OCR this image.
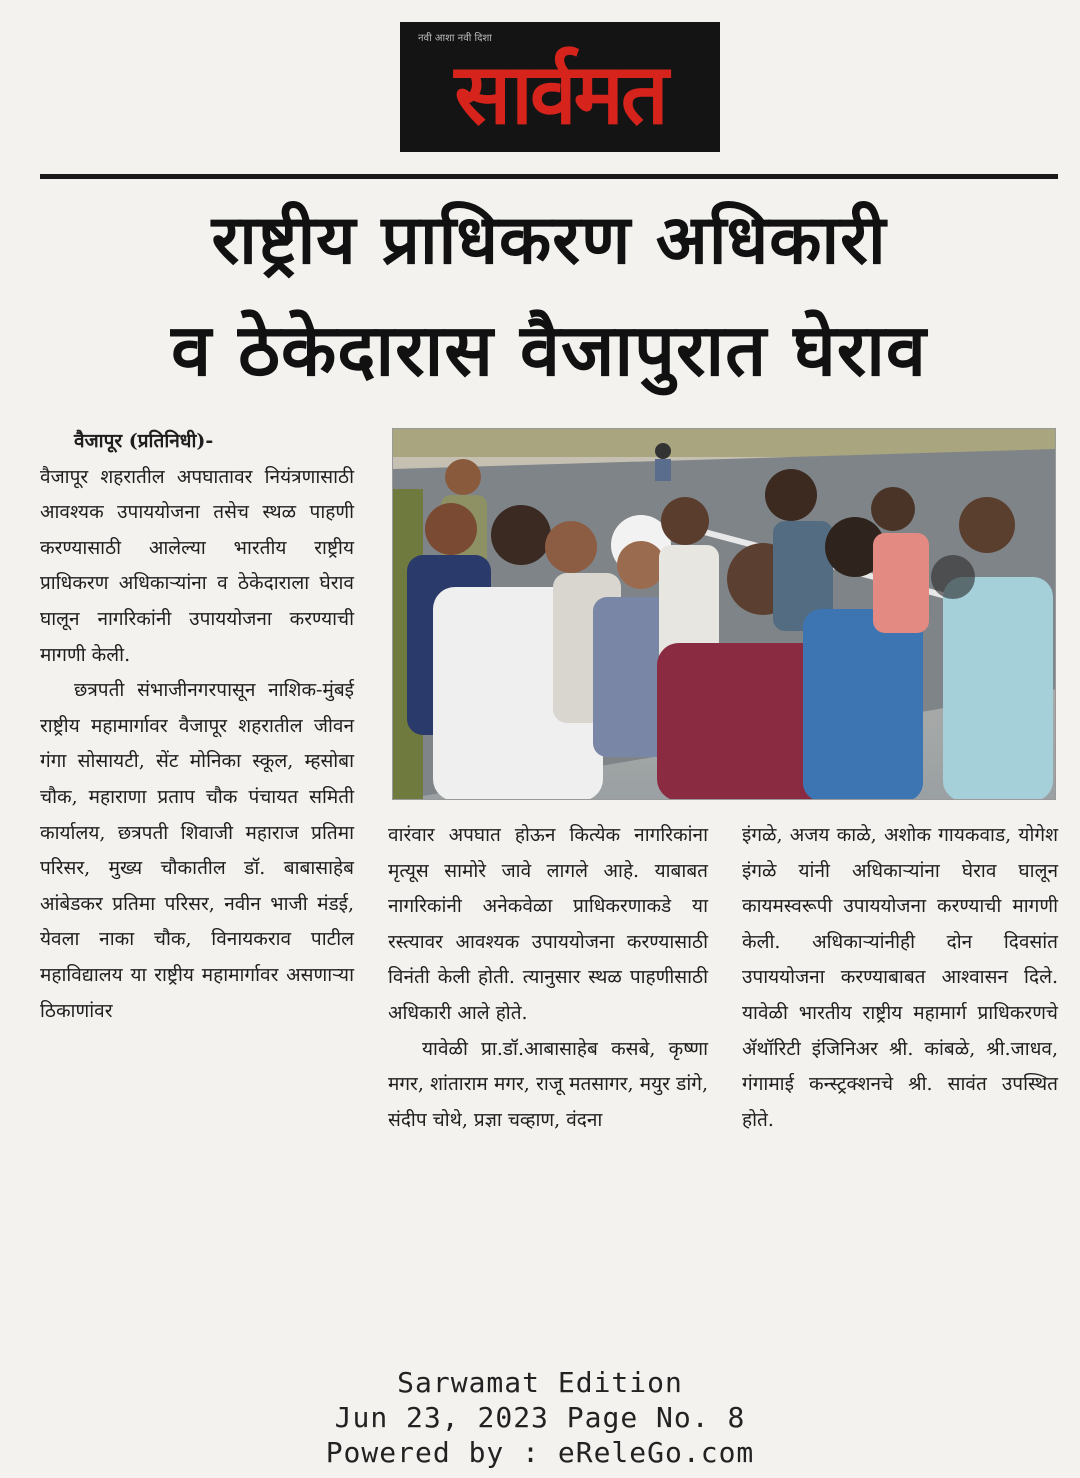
नवी आशा नवी दिशा
सार्वमत
राष्ट्रीय प्राधिकरण अधिकारी
व ठेकेदारास वैजापुरात घेराव

वैजापूर (प्रतिनिधी)-

वैजापूर शहरातील अपघातावर नियंत्रणासाठी आवश्यक उपाययोजना तसेच स्थळ पाहणी करण्यासाठी आलेल्या भारतीय राष्ट्रीय प्राधिकरण अधिकाऱ्यांना व ठेकेदाराला घेराव घालून नागरिकांनी उपाययोजना करण्याची मागणी केली.

छत्रपती संभाजीनगरपासून नाशिक-मुंबई राष्ट्रीय महामार्गावर वैजापूर शहरातील जीवन गंगा सोसायटी, सेंट मोनिका स्कूल, म्हसोबा चौक, महाराणा प्रताप चौक पंचायत समिती कार्यालय, छत्रपती शिवाजी महाराज प्रतिमा परिसर, मुख्य चौकातील डॉ. बाबासाहेब आंबेडकर प्रतिमा परिसर, नवीन भाजी मंडई, येवला नाका चौक, विनायकराव पाटील महाविद्यालय या राष्ट्रीय महामार्गावर असणाऱ्या ठिकाणांवर

वारंवार अपघात होऊन कित्येक नागरिकांना मृत्यूस सामोरे जावे लागले आहे. याबाबत नागरिकांनी अनेकवेळा प्राधिकरणाकडे या रस्त्यावर आवश्यक उपाययोजना करण्यासाठी विनंती केली होती. त्यानुसार स्थळ पाहणीसाठी अधिकारी आले होते.

यावेळी प्रा.डॉ.आबासाहेब कसबे, कृष्णा मगर, शांताराम मगर, राजू मतसागर, मयुर डांगे, संदीप चोथे, प्रज्ञा चव्हाण, वंदना

इंगळे, अजय काळे, अशोक गायकवाड, योगेश इंगळे यांनी अधिकाऱ्यांना घेराव घालून कायमस्वरूपी उपाययोजना करण्याची मागणी केली. अधिकाऱ्यांनीही दोन दिवसांत उपाययोजना करण्याबाबत आश्वासन दिले. यावेळी भारतीय राष्ट्रीय महामार्ग प्राधिकरणचे ॲथॉरिटी इंजिनिअर श्री. कांबळे, श्री.जाधव, गंगामाई कन्स्ट्रक्शनचे श्री. सावंत उपस्थित होते.

Sarwamat Edition
Jun 23, 2023 Page No. 8
Powered by : eReleGo.com
